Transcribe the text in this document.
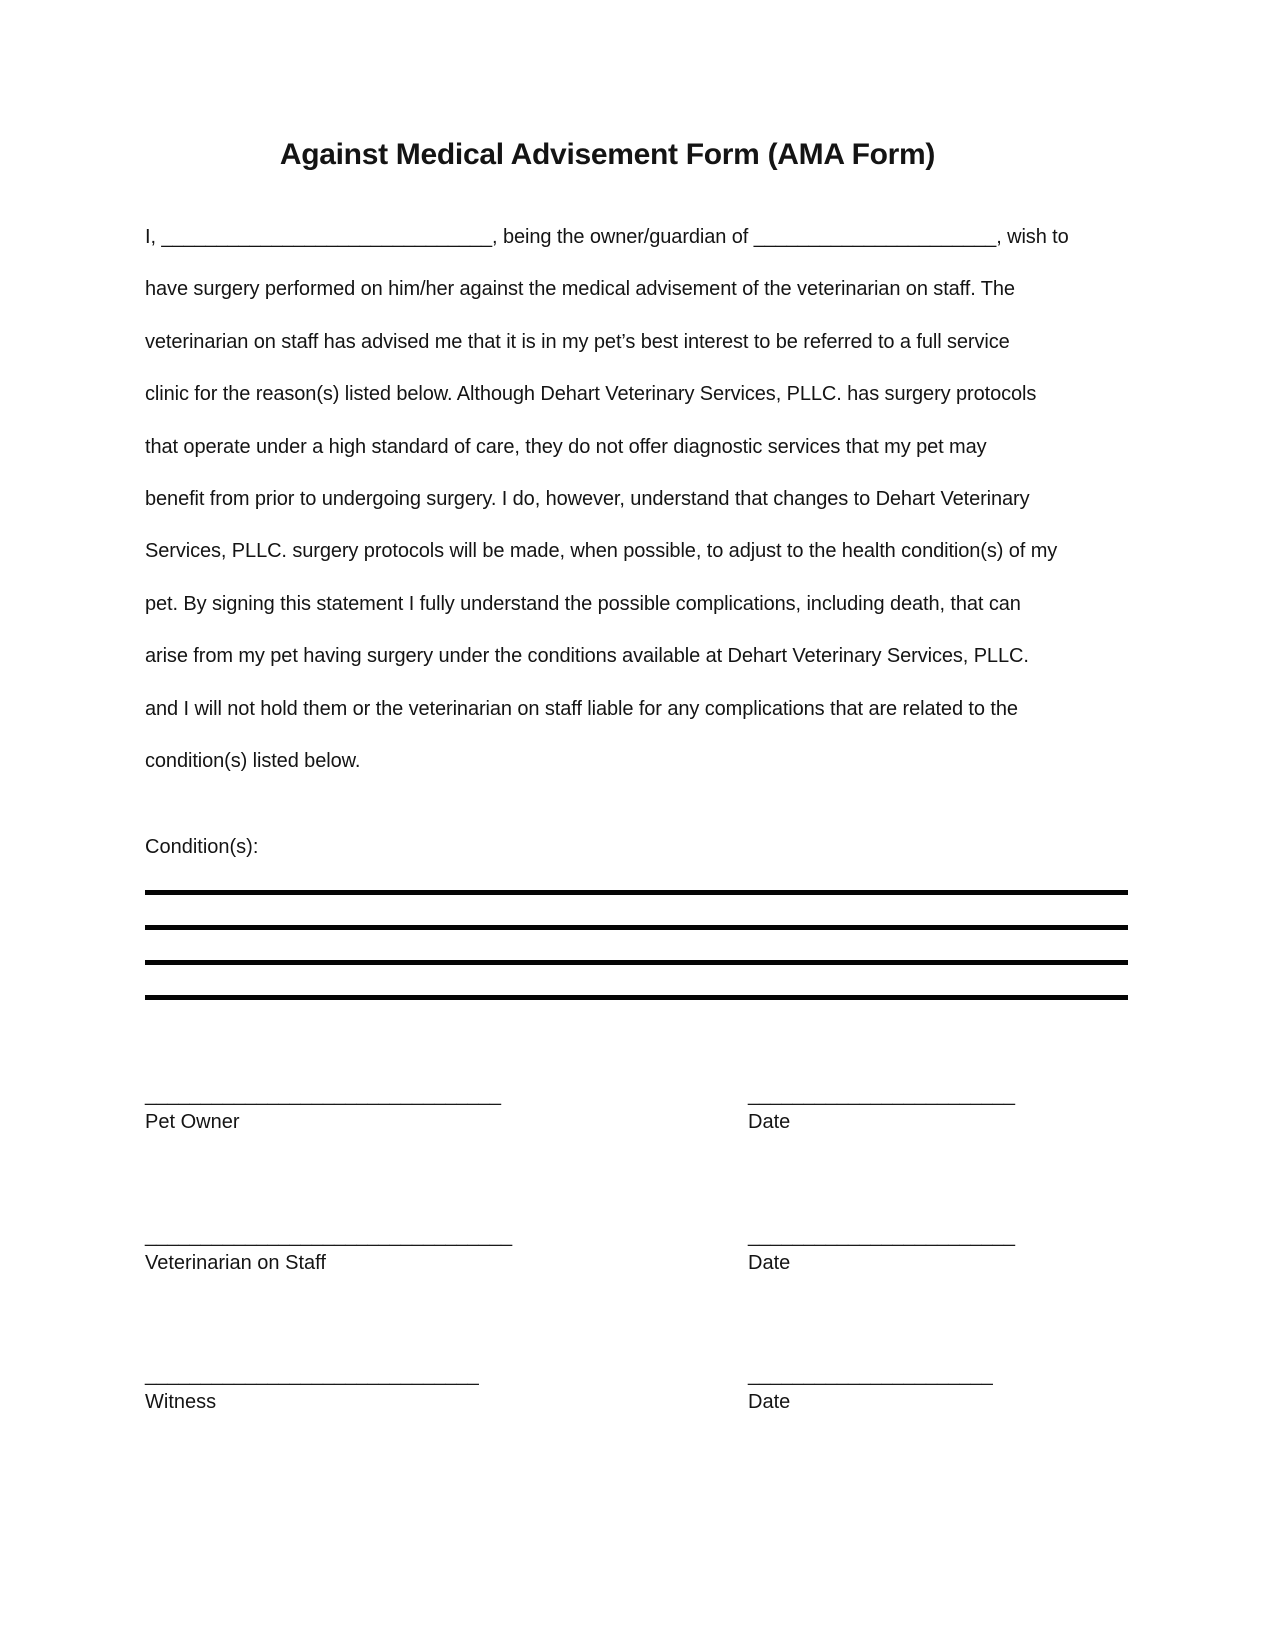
Against Medical Advisement Form (AMA Form)
I, ______________________________, being the owner/guardian of ______________________, wish to
have surgery performed on him/her against the medical advisement of the veterinarian on staff. The
veterinarian on staff has advised me that it is in my pet’s best interest to be referred to a full service
clinic for the reason(s) listed below. Although Dehart Veterinary Services, PLLC. has surgery protocols
that operate under a high standard of care, they do not offer diagnostic services that my pet may
benefit from prior to undergoing surgery. I do, however, understand that changes to Dehart Veterinary
Services, PLLC. surgery protocols will be made, when possible, to adjust to the health condition(s) of my
pet. By signing this statement I fully understand the possible complications, including death, that can
arise from my pet having surgery under the conditions available at Dehart Veterinary Services, PLLC.
and I will not hold them or the veterinarian on staff liable for any complications that are related to the
condition(s) listed below.
Condition(s):
________________________________
Pet Owner
________________________
Date
_________________________________
Veterinarian on Staff
________________________
Date
______________________________
Witness
______________________
Date
